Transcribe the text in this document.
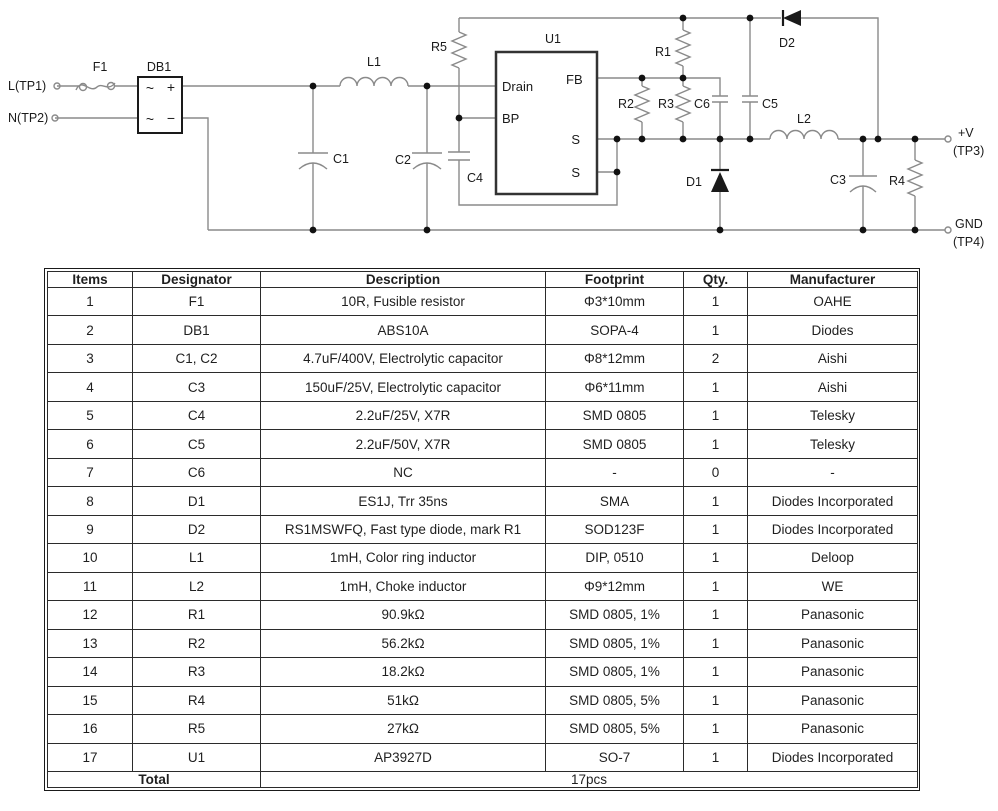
L(TP1)
N(TP2)
F1	DB1
~ +
~ −
L1
C1	C2
R5
C4
U1
Drain	FB
BP
S
S
R1
R2 R3 C6	C5
D2
D1
L2
C3	R4
+V
(TP3)
GND
(TP4)
Items	Designator	Description	Footprint	Qty.	Manufacturer
1	F1	10R, Fusible resistor	Φ3*10mm	1	OAHE
2	DB1	ABS10A	SOPA-4	1	Diodes
3	C1, C2	4.7uF/400V, Electrolytic capacitor	Φ8*12mm	2	Aishi
4	C3	150uF/25V, Electrolytic capacitor	Φ6*11mm	1	Aishi
5	C4	2.2uF/25V, X7R	SMD 0805	1	Telesky
6	C5	2.2uF/50V, X7R	SMD 0805	1	Telesky
7	C6	NC	-	0	-
8	D1	ES1J, Trr 35ns	SMA	1	Diodes Incorporated
9	D2	RS1MSWFQ, Fast type diode, mark R1	SOD123F	1	Diodes Incorporated
10	L1	1mH, Color ring inductor	DIP, 0510	1	Deloop
11	L2	1mH, Choke inductor	Φ9*12mm	1	WE
12	R1	90.9kΩ	SMD 0805, 1%	1	Panasonic
13	R2	56.2kΩ	SMD 0805, 1%	1	Panasonic
14	R3	18.2kΩ	SMD 0805, 1%	1	Panasonic
15	R4	51kΩ	SMD 0805, 5%	1	Panasonic
16	R5	27kΩ	SMD 0805, 5%	1	Panasonic
17	U1	AP3927D	SO-7	1	Diodes Incorporated
Total		17pcs			
